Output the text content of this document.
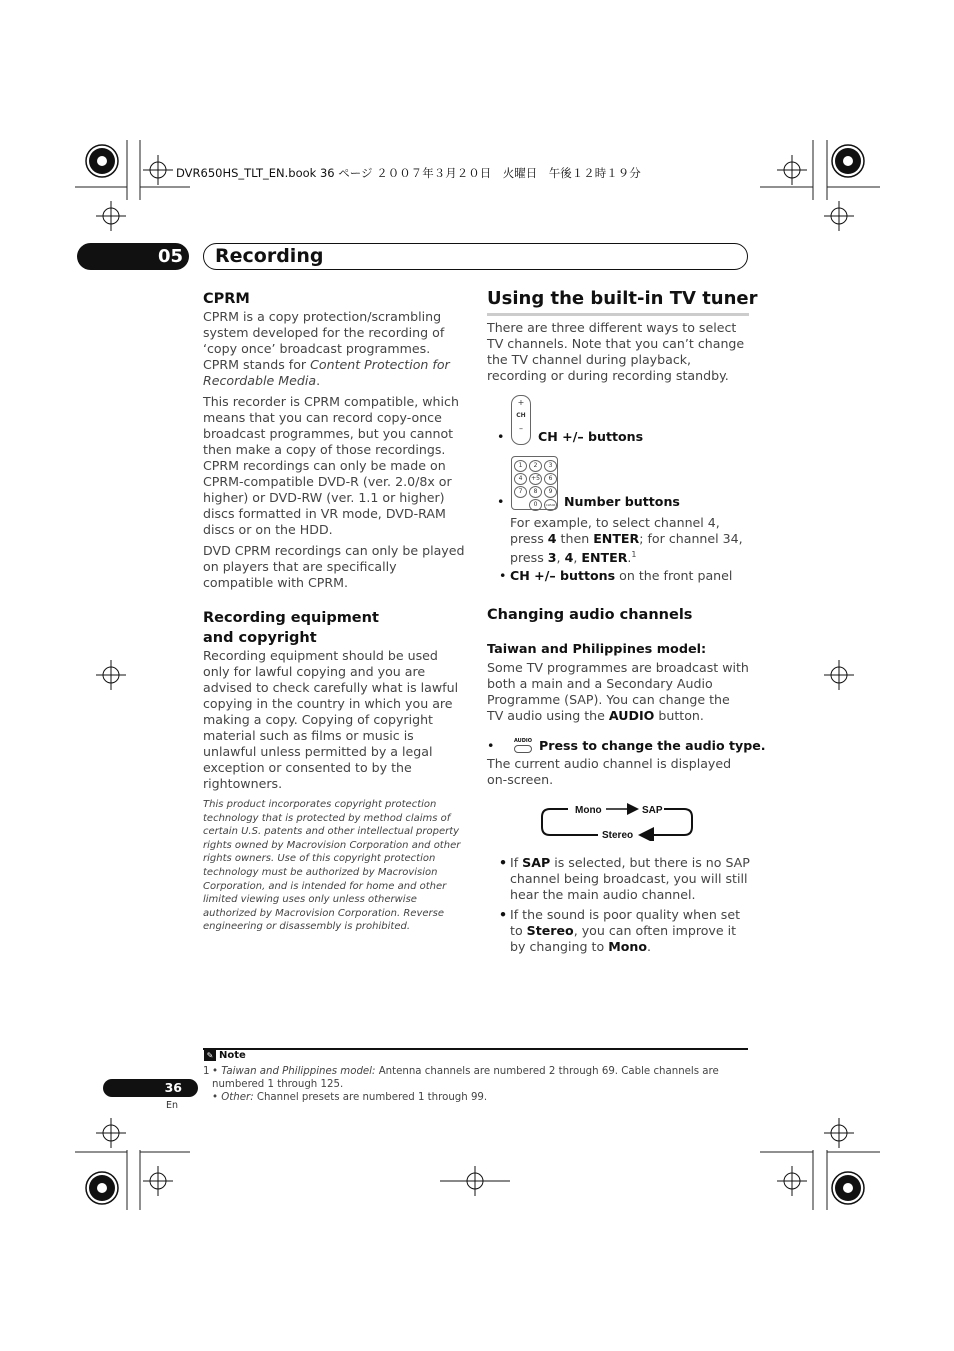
DVR650HS_TLT_EN.book 36 ページ ２００７年３月２０日　火曜日　午後１２時１９分
05	Recording
CPRM

CPRM is a copy protection/scrambling system developed for the recording of ‘copy once’ broadcast programmes. CPRM stands for Content Protection for Recordable Media.

This recorder is CPRM compatible, which means that you can record copy-once broadcast programmes, but you cannot then make a copy of those recordings. CPRM recordings can only be made on CPRM-compatible DVD-R (ver. 2.0/8x or higher) or DVD-RW (ver. 1.1 or higher) discs formatted in VR mode, DVD-RAM discs or on the HDD.

DVD CPRM recordings can only be played on players that are specifically compatible with CPRM.

Recording equipment and copyright

Recording equipment should be used only for lawful copying and you are advised to check carefully what is lawful copying in the country in which you are making a copy. Copying of copyright material such as films or music is unlawful unless permitted by a legal exception or consented to by the rightowners.

This product incorporates copyright protection technology that is protected by method claims of certain U.S. patents and other intellectual property rights owned by Macrovision Corporation and other rights owners. Use of this copyright protection technology must be authorized by Macrovision Corporation, and is intended for home and other limited viewing uses only unless otherwise authorized by Macrovision Corporation. Reverse engineering or disassembly is prohibited.
Using the built-in TV tuner
There are three different ways to select TV channels. Note that you can’t change the TV channel during playback, recording or during recording standby.
+
CH
–
•	CH +/– buttons
1	2	3
4	+5	6
7	8	9
0	CLEAR
•	Number buttons
For example, to select channel 4, press 4 then ENTER; for channel 34, press 3, 4, ENTER.$^1$
• CH +/– buttons on the front panel
Changing audio channels
Taiwan and Philippines model:
Some TV programmes are broadcast with both a main and a Secondary Audio Programme (SAP). You can change the TV audio using the AUDIO button.
•	AUDIO Press to change the audio type.
The current audio channel is displayed on-screen.
Mono	SAP
Stereo
• If SAP is selected, but there is no SAP channel being broadcast, you will still hear the main audio channel.
• If the sound is poor quality when set to Stereo, you can often improve it by changing to Mono.
✎ Note
1 • Taiwan and Philippines model: Antenna channels are numbered 2 through 69. Cable channels are numbered 1 through 125.
• Other: Channel presets are numbered 1 through 99.
36
En
